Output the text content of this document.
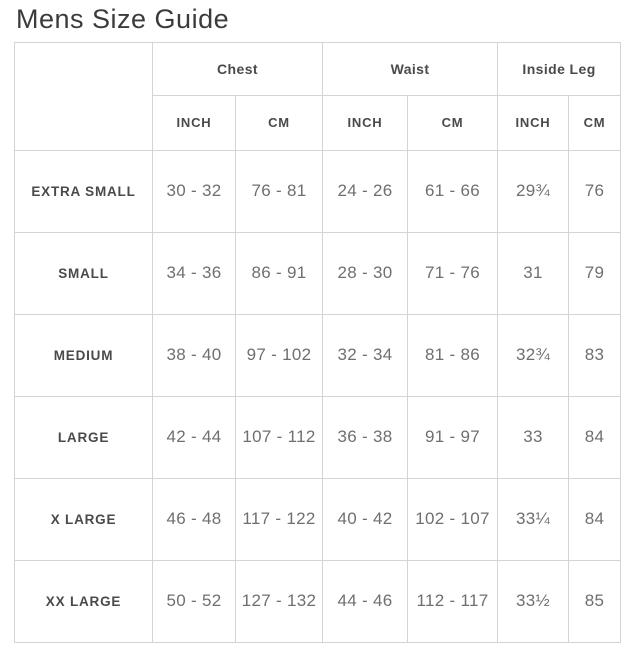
Mens Size Guide
	Chest		Waist		Inside Leg	
	INCH	CM	INCH	CM	INCH	CM
EXTRA SMALL	30 - 32	76 - 81	24 - 26	61 - 66	29¾	76
SMALL	34 - 36	86 - 91	28 - 30	71 - 76	31	79
MEDIUM	38 - 40	97 - 102	32 - 34	81 - 86	32¾	83
LARGE	42 - 44	107 - 112	36 - 38	91 - 97	33	84
X LARGE	46 - 48	117 - 122	40 - 42	102 - 107	33¼	84
XX LARGE	50 - 52	127 - 132	44 - 46	112 - 117	33½	85
